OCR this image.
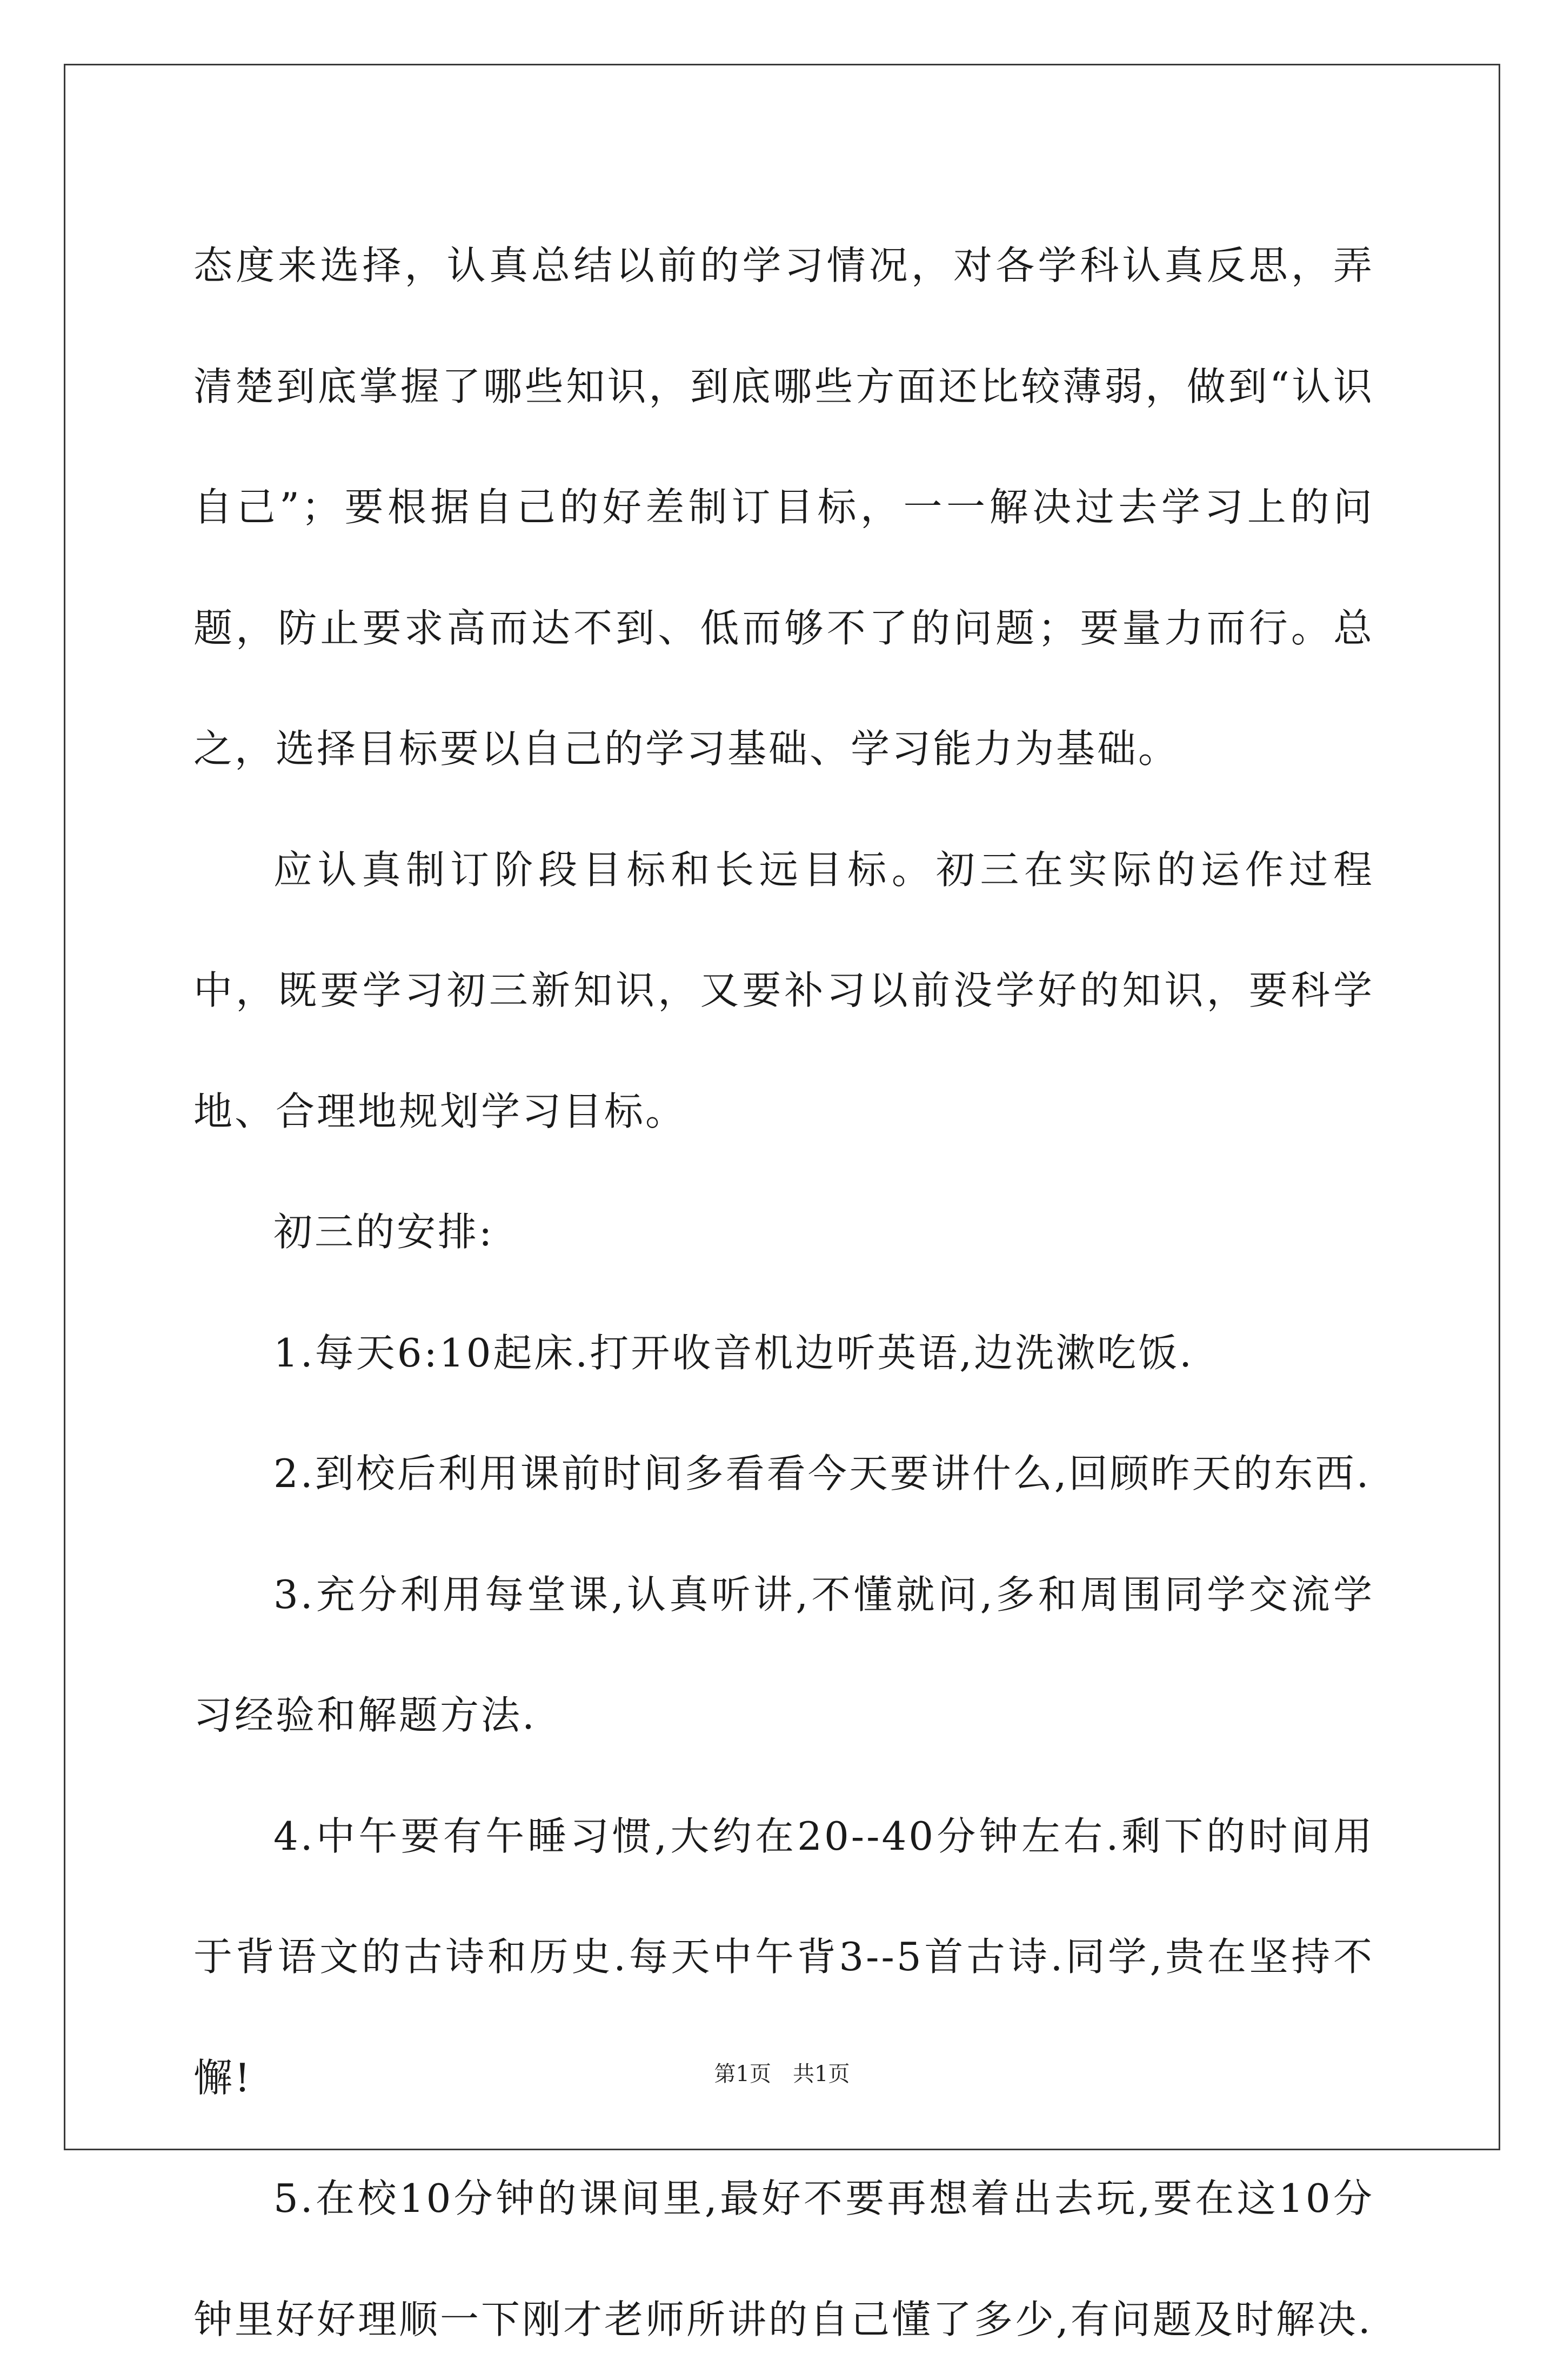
态度来选择，认真总结以前的学习情况，对各学科认真反思，弄清楚到底掌握了哪些知识，到底哪些方面还比较薄弱，做到“认识自己”；要根据自己的好差制订目标，一一解决过去学习上的问题，防止要求高而达不到、低而够不了的问题；要量力而行。总之，选择目标要以自己的学习基础、学习能力为基础。

应认真制订阶段目标和长远目标。初三在实际的运作过程中，既要学习初三新知识，又要补习以前没学好的知识，要科学地、合理地规划学习目标。

初三的安排:

1.每天6:10起床.打开收音机边听英语,边洗漱吃饭.

2.到校后利用课前时间多看看今天要讲什么,回顾昨天的东西.

3.充分利用每堂课,认真听讲,不懂就问,多和周围同学交流学习经验和解题方法.

4.中午要有午睡习惯,大约在20--40分钟左右.剩下的时间用于背语文的古诗和历史.每天中午背3--5首古诗.同学,贵在坚持不懈!

5.在校10分钟的课间里,最好不要再想着出去玩,要在这10分钟里好好理顺一下刚才老师所讲的自己懂了多少,有问题及时解决.

第1页　共1页
